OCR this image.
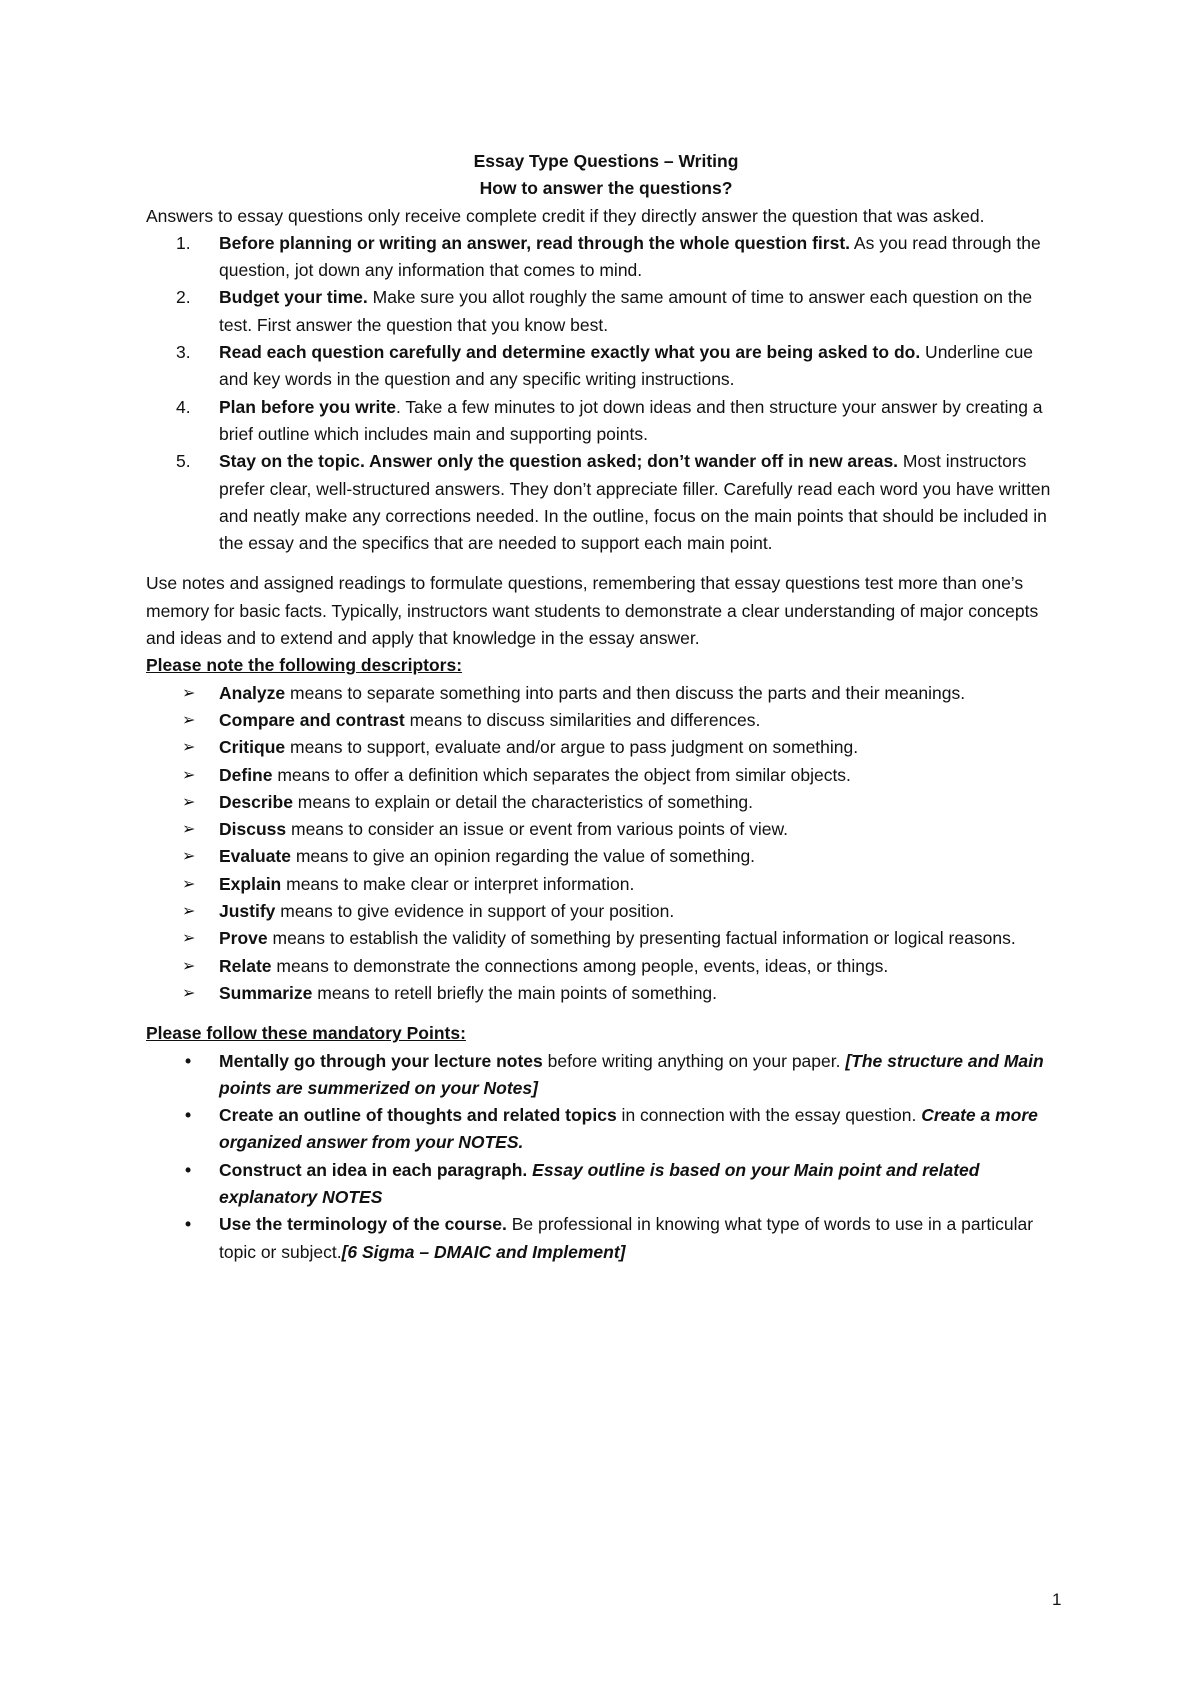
Essay Type Questions – Writing

How to answer the questions?

Answers to essay questions only receive complete credit if they directly answer the question that was asked.

1. Before planning or writing an answer, read through the whole question first. As you read through the question, jot down any information that comes to mind.
2. Budget your time. Make sure you allot roughly the same amount of time to answer each question on the test. First answer the question that you know best.
3. Read each question carefully and determine exactly what you are being asked to do. Underline cue and key words in the question and any specific writing instructions.
4. Plan before you write. Take a few minutes to jot down ideas and then structure your answer by creating a brief outline which includes main and supporting points.
5. Stay on the topic. Answer only the question asked; don’t wander off in new areas. Most instructors prefer clear, well-structured answers. They don’t appreciate filler. Carefully read each word you have written and neatly make any corrections needed. In the outline, focus on the main points that should be included in the essay and the specifics that are needed to support each main point.

Use notes and assigned readings to formulate questions, remembering that essay questions test more than one’s memory for basic facts. Typically, instructors want students to demonstrate a clear understanding of major concepts and ideas and to extend and apply that knowledge in the essay answer.

Please note the following descriptors:

➢ Analyze means to separate something into parts and then discuss the parts and their meanings.
➢ Compare and contrast means to discuss similarities and differences.
➢ Critique means to support, evaluate and/or argue to pass judgment on something.
➢ Define means to offer a definition which separates the object from similar objects.
➢ Describe means to explain or detail the characteristics of something.
➢ Discuss means to consider an issue or event from various points of view.
➢ Evaluate means to give an opinion regarding the value of something.
➢ Explain means to make clear or interpret information.
➢ Justify means to give evidence in support of your position.
➢ Prove means to establish the validity of something by presenting factual information or logical reasons.
➢ Relate means to demonstrate the connections among people, events, ideas, or things.
➢ Summarize means to retell briefly the main points of something.

Please follow these mandatory Points:

• Mentally go through your lecture notes before writing anything on your paper. [The structure and Main points are summerized on your Notes]
• Create an outline of thoughts and related topics in connection with the essay question. Create a more organized answer from your NOTES.
• Construct an idea in each paragraph. Essay outline is based on your Main point and related explanatory NOTES
• Use the terminology of the course. Be professional in knowing what type of words to use in a particular topic or subject.[6 Sigma – DMAIC and Implement]
1
